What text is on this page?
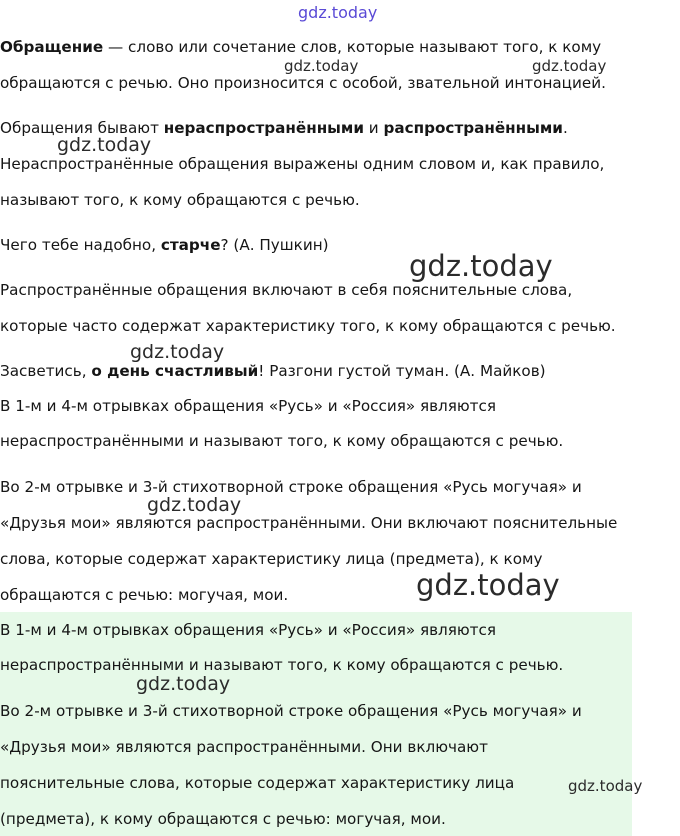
Обращение — слово или сочетание слов, которые называют того, к кому

обращаются с речью. Оно произносится с особой, звательной интонацией.

Обращения бывают нераспространёнными и распространёнными.

Нераспространённые обращения выражены одним словом и, как правило,

называют того, к кому обращаются с речью.

Чего тебе надобно, старче? (А. Пушкин)

Распространённые обращения включают в себя пояснительные слова,

которые часто содержат характеристику того, к кому обращаются с речью.

Засветись, о день счастливый! Разгони густой туман. (А. Майков)

В 1-м и 4-м отрывках обращения «Русь» и «Россия» являются

нераспространёнными и называют того, к кому обращаются с речью.

Во 2-м отрывке и 3-й стихотворной строке обращения «Русь могучая» и

«Друзья мои» являются распространёнными. Они включают пояснительные

слова, которые содержат характеристику лица (предмета), к кому

обращаются с речью: могучая, мои.

В 1-м и 4-м отрывках обращения «Русь» и «Россия» являются

нераспространёнными и называют того, к кому обращаются с речью.

Во 2-м отрывке и 3-й стихотворной строке обращения «Русь могучая» и

«Друзья мои» являются распространёнными. Они включают

пояснительные слова, которые содержат характеристику лица

(предмета), к кому обращаются с речью: могучая, мои.

gdz.today
gdz.today	gdz.today
gdz.today
gdz.today
gdz.today
gdz.today
gdz.today
gdz.today
gdz.today
